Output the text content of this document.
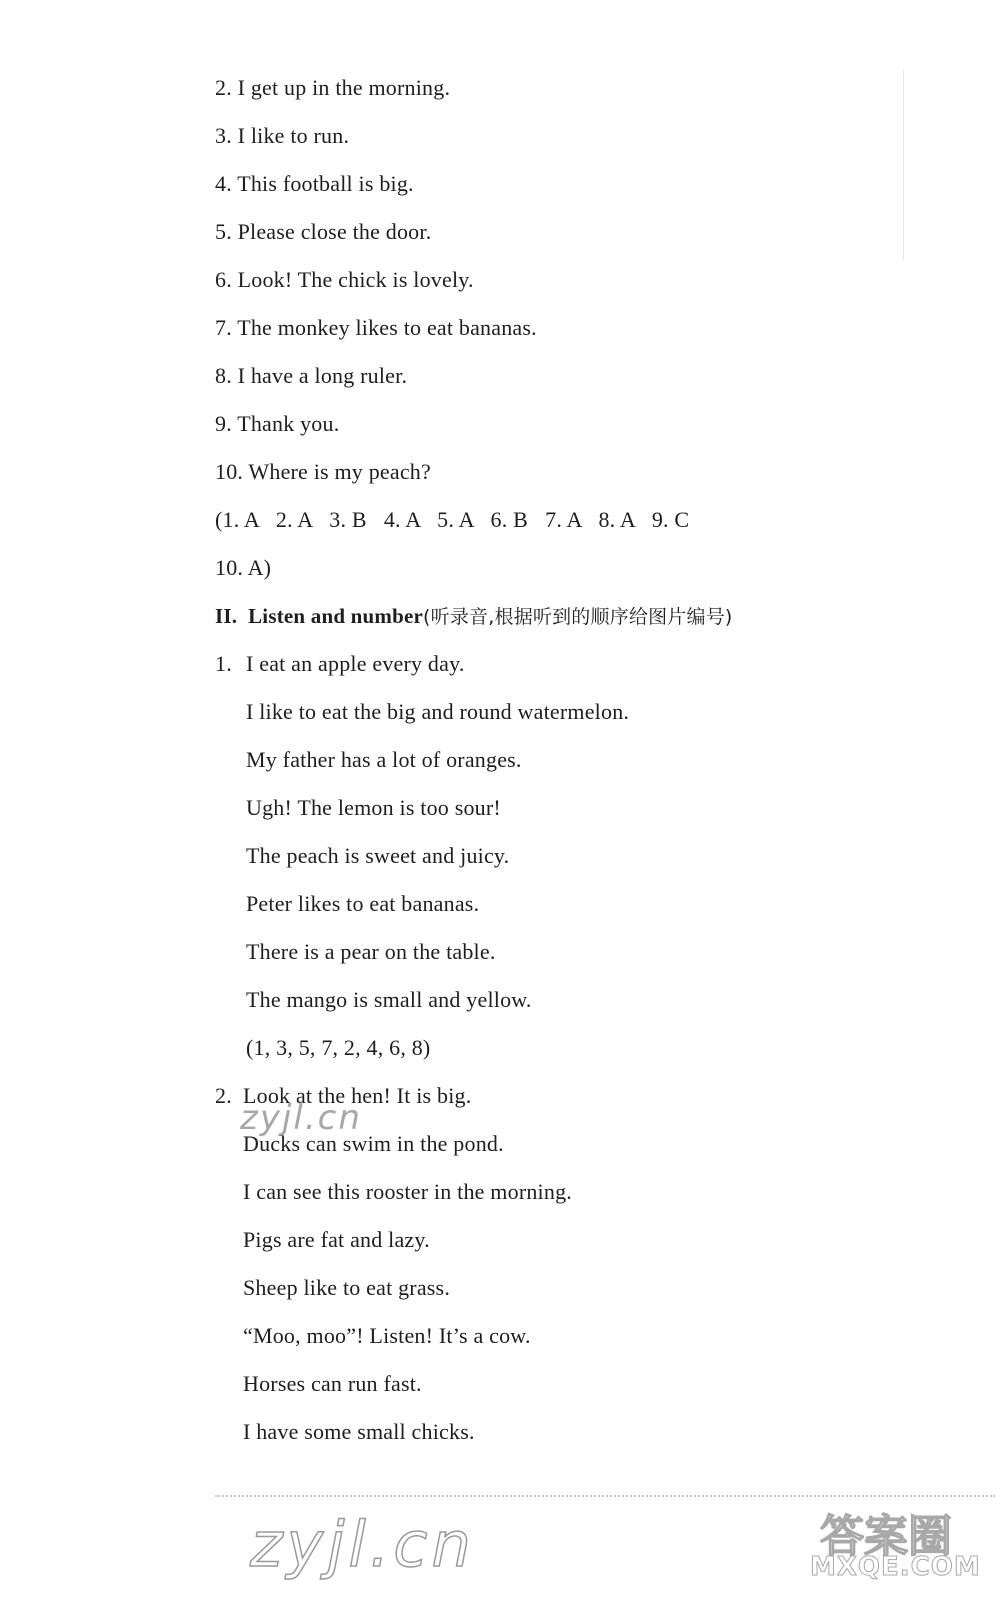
2. I get up in the morning.
3. I like to run.
4. This football is big.
5. Please close the door.
6. Look! The chick is lovely.
7. The monkey likes to eat bananas.
8. I have a long ruler.
9. Thank you.
10. Where is my peach?
(1. A   2. A   3. B   4. A   5. A   6. B   7. A   8. A   9. C
10. A)
II.  Listen and number(听录音,根据听到的顺序给图片编号)
1. I eat an apple every day.
I like to eat the big and round watermelon.
My father has a lot of oranges.
Ugh! The lemon is too sour!
The peach is sweet and juicy.
Peter likes to eat bananas.
There is a pear on the table.
The mango is small and yellow.
(1, 3, 5, 7, 2, 4, 6, 8)
2. Look at the hen! It is big.
Ducks can swim in the pond.
I can see this rooster in the morning.
Pigs are fat and lazy.
Sheep like to eat grass.
“Moo, moo”! Listen! It’s a cow.
Horses can run fast.
I have some small chicks.
zyjl.cn
zyjl.cn	答案圈
MXQE.COM
